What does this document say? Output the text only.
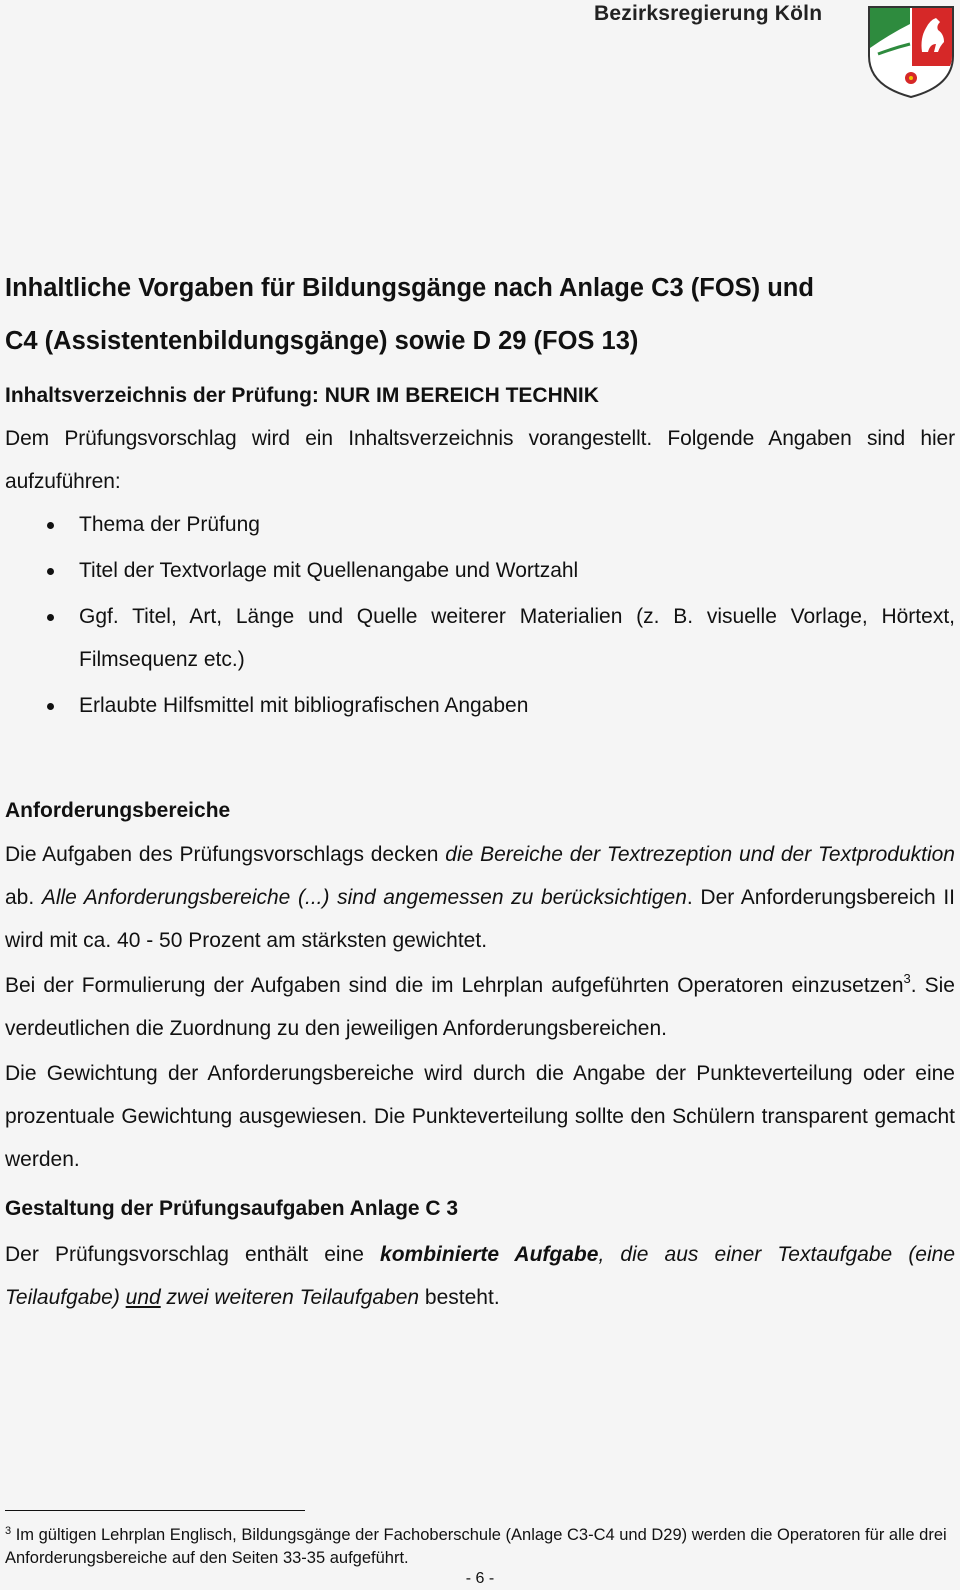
Bezirksregierung Köln
Inhaltliche Vorgaben für Bildungsgänge nach Anlage C3 (FOS) und
C4 (Assistentenbildungsgänge) sowie D 29 (FOS 13)
Inhaltsverzeichnis der Prüfung: NUR IM BEREICH TECHNIK

Dem Prüfungsvorschlag wird ein Inhaltsverzeichnis vorangestellt. Folgende Angaben sind hier aufzuführen:

Thema der Prüfung
Titel der Textvorlage mit Quellenangabe und Wortzahl
Ggf. Titel, Art, Länge und Quelle weiterer Materialien (z. B. visuelle Vorlage, Hörtext, Filmsequenz etc.)
Erlaubte Hilfsmittel mit bibliografischen Angaben
Anforderungsbereiche

Die Aufgaben des Prüfungsvorschlags decken die Bereiche der Textrezeption und der Textproduktion ab. Alle Anforderungsbereiche (...) sind angemessen zu berücksichtigen. Der Anforderungsbereich II wird mit ca. 40 - 50 Prozent am stärksten gewichtet.

Bei der Formulierung der Aufgaben sind die im Lehrplan aufgeführten Operatoren einzusetzen$^3$. Sie verdeutlichen die Zuordnung zu den jeweiligen Anforderungsbereichen.

Die Gewichtung der Anforderungsbereiche wird durch die Angabe der Punkteverteilung oder eine prozentuale Gewichtung ausgewiesen. Die Punkteverteilung sollte den Schülern transparent gemacht werden.

Gestaltung der Prüfungsaufgaben Anlage C 3

Der Prüfungsvorschlag enthält eine kombinierte Aufgabe, die aus einer Textaufgabe (eine Teilaufgabe) und zwei weiteren Teilaufgaben besteht.

$^3$ Im gültigen Lehrplan Englisch, Bildungsgänge der Fachoberschule (Anlage C3-C4 und D29) werden die Operatoren für alle drei Anforderungsbereiche auf den Seiten 33-35 aufgeführt.
- 6 -
